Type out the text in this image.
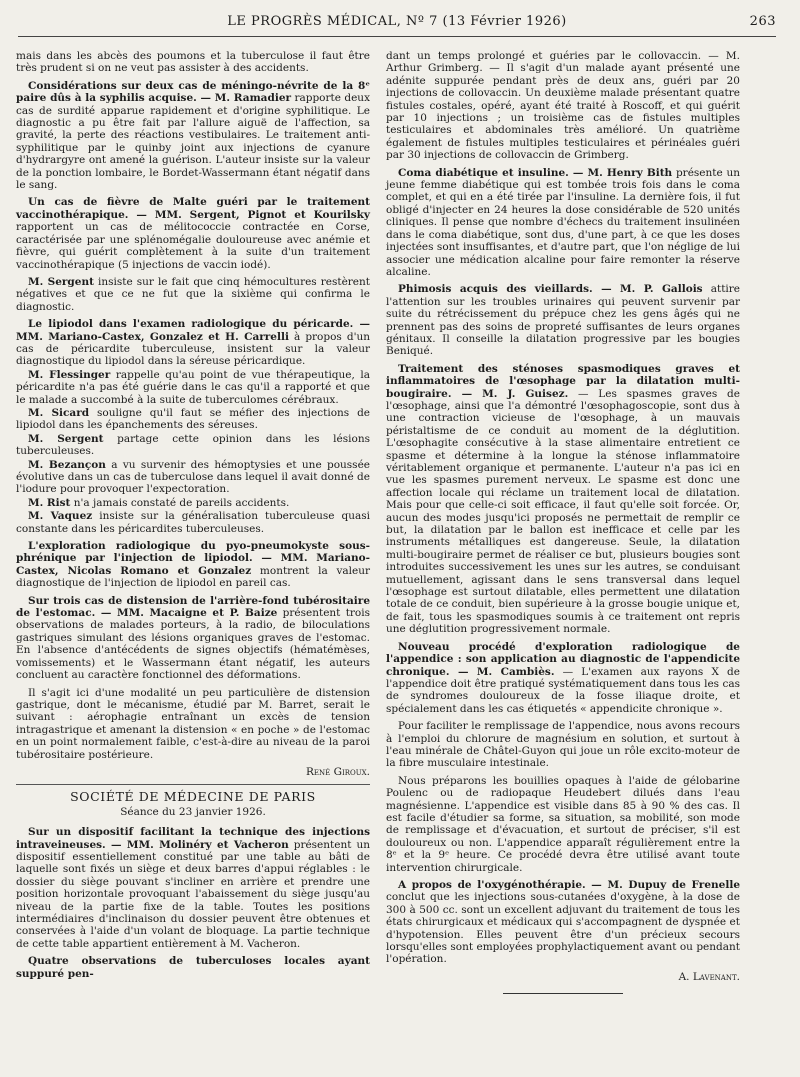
LE PROGRÈS MÉDICAL, Nº 7 (13 Février 1926)	263

mais dans les abcès des poumons et la tuberculose il faut être très prudent si on ne veut pas assister à des accidents.

Considérations sur deux cas de méningo-névrite de la 8ᵉ paire dûs à la syphilis acquise. — M. Ramadier rapporte deux cas de surdité apparue rapidement et d'origine syphilitique. Le diagnostic a pu être fait par l'allure aiguë de l'affection, sa gravité, la perte des réactions vestibulaires. Le traitement anti-syphilitique par le quinby joint aux injections de cyanure d'hydrargyre ont amené la guérison. L'auteur insiste sur la valeur de la ponction lombaire, le Bordet-Wassermann étant négatif dans le sang.

Un cas de fièvre de Malte guéri par le traitement vaccinothérapique. — MM. Sergent, Pignot et Kourilsky rapportent un cas de mélitococcie contractée en Corse, caractérisée par une splénomégalie douloureuse avec anémie et fièvre, qui guérit complètement à la suite d'un traitement vaccinothérapique (5 injections de vaccin iodé).

M. Sergent insiste sur le fait que cinq hémocultures restèrent négatives et que ce ne fut que la sixième qui confirma le diagnostic.

Le lipiodol dans l'examen radiologique du péricarde. — MM. Mariano-Castex, Gonzalez et H. Carrelli à propos d'un cas de péricardite tuberculeuse, insistent sur la valeur diagnostique du lipiodol dans la séreuse péricardique.

M. Flessinger rappelle qu'au point de vue thérapeutique, la péricardite n'a pas été guérie dans le cas qu'il a rapporté et que le malade a succombé à la suite de tuberculomes cérébraux.

M. Sicard souligne qu'il faut se méfier des injections de lipiodol dans les épanchements des séreuses.

M. Sergent partage cette opinion dans les lésions tuberculeuses.

M. Bezançon a vu survenir des hémoptysies et une poussée évolutive dans un cas de tuberculose dans lequel il avait donné de l'iodure pour provoquer l'expectoration.

M. Rist n'a jamais constaté de pareils accidents.

M. Vaquez insiste sur la généralisation tuberculeuse quasi constante dans les péricardites tuberculeuses.

L'exploration radiologique du pyo-pneumokyste sous-phrénique par l'injection de lipiodol. — MM. Mariano-Castex, Nicolas Romano et Gonzalez montrent la valeur diagnostique de l'injection de lipiodol en pareil cas.

Sur trois cas de distension de l'arrière-fond tubérositaire de l'estomac. — MM. Macaigne et P. Baize présentent trois observations de malades porteurs, à la radio, de biloculations gastriques simulant des lésions organiques graves de l'estomac. En l'absence d'antécédents de signes objectifs (hématémèses, vomissements) et le Wassermann étant négatif, les auteurs concluent au caractère fonctionnel des déformations.

Il s'agit ici d'une modalité un peu particulière de distension gastrique, dont le mécanisme, étudié par M. Barret, serait le suivant : aérophagie entraînant un excès de tension intragastrique et amenant la distension « en poche » de l'estomac en un point normalement faible, c'est-à-dire au niveau de la paroi tubérositaire postérieure.

René Giroux.

SOCIÉTÉ DE MÉDECINE DE PARIS
Séance du 23 janvier 1926.

Sur un dispositif facilitant la technique des injections intraveineuses. — MM. Molinéry et Vacheron présentent un dispositif essentiellement constitué par une table au bâti de laquelle sont fixés un siège et deux barres d'appui réglables : le dossier du siège pouvant s'incliner en arrière et prendre une position horizontale provoquant l'abaissement du siège jusqu'au niveau de la partie fixe de la table. Toutes les positions intermédiaires d'inclinaison du dossier peuvent être obtenues et conservées à l'aide d'un volant de bloquage. La partie technique de cette table appartient entièrement à M. Vacheron.

Quatre observations de tuberculoses locales ayant suppuré pen-

dant un temps prolongé et guéries par le collovaccin. — M. Arthur Grimberg. — Il s'agit d'un malade ayant présenté une adénite suppurée pendant près de deux ans, guéri par 20 injections de collovaccin. Un deuxième malade présentant quatre fistules costales, opéré, ayant été traité à Roscoff, et qui guérit par 10 injections ; un troisième cas de fistules multiples testiculaires et abdominales très amélioré. Un quatrième également de fistules multiples testiculaires et périnéales guéri par 30 injections de collovaccin de Grimberg.

Coma diabétique et insuline. — M. Henry Bith présente un jeune femme diabétique qui est tombée trois fois dans le coma complet, et qui en a été tirée par l'insuline. La dernière fois, il fut obligé d'injecter en 24 heures la dose considérable de 520 unités cliniques. Il pense que nombre d'échecs du traitement insulinéen dans le coma diabétique, sont dus, d'une part, à ce que les doses injectées sont insuffisantes, et d'autre part, que l'on néglige de lui associer une médication alcaline pour faire remonter la réserve alcaline.

Phimosis acquis des vieillards. — M. P. Gallois attire l'attention sur les troubles urinaires qui peuvent survenir par suite du rétrécissement du prépuce chez les gens âgés qui ne prennent pas des soins de propreté suffisantes de leurs organes génitaux. Il conseille la dilatation progressive par les bougies Beniqué.

Traitement des sténoses spasmodiques graves et inflammatoires de l'œsophage par la dilatation multi-bougiraire. — M. J. Guisez. — Les spasmes graves de l'œsophage, ainsi que l'a démontré l'œsophagoscopie, sont dus à une contraction vicieuse de l'œsophage, à un mauvais péristaltisme de ce conduit au moment de la déglutition. L'œsophagite consécutive à la stase alimentaire entretient ce spasme et détermine à la longue la sténose inflammatoire véritablement organique et permanente. L'auteur n'a pas ici en vue les spasmes purement nerveux. Le spasme est donc une affection locale qui réclame un traitement local de dilatation. Mais pour que celle-ci soit efficace, il faut qu'elle soit forcée. Or, aucun des modes jusqu'ici proposés ne permettait de remplir ce but, la dilatation par le ballon est inefficace et celle par les instruments métalliques est dangereuse. Seule, la dilatation multi-bougiraire permet de réaliser ce but, plusieurs bougies sont introduites successivement les unes sur les autres, se conduisant mutuellement, agissant dans le sens transversal dans lequel l'œsophage est surtout dilatable, elles permettent une dilatation totale de ce conduit, bien supérieure à la grosse bougie unique et, de fait, tous les spasmodiques soumis à ce traitement ont repris une déglutition progressivement normale.

Nouveau procédé d'exploration radiologique de l'appendice : son application au diagnostic de l'appendicite chronique. — M. Cambiès. — L'examen aux rayons X de l'appendice doit être pratiqué systématiquement dans tous les cas de syndromes douloureux de la fosse iliaque droite, et spécialement dans les cas étiquetés « appendicite chronique ».

Pour faciliter le remplissage de l'appendice, nous avons recours à l'emploi du chlorure de magnésium en solution, et surtout à l'eau minérale de Châtel-Guyon qui joue un rôle excito-moteur de la fibre musculaire intestinale.

Nous préparons les bouillies opaques à l'aide de gélobarine Poulenc ou de radiopaque Heudebert dilués dans l'eau magnésienne. L'appendice est visible dans 85 à 90 % des cas. Il est facile d'étudier sa forme, sa situation, sa mobilité, son mode de remplissage et d'évacuation, et surtout de préciser, s'il est douloureux ou non. L'appendice apparaît régulièrement entre la 8ᵉ et la 9ᵉ heure. Ce procédé devra être utilisé avant toute intervention chirurgicale.

A propos de l'oxygénothérapie. — M. Dupuy de Frenelle conclut que les injections sous-cutanées d'oxygène, à la dose de 300 à 500 cc. sont un excellent adjuvant du traitement de tous les états chirurgicaux et médicaux qui s'accompagnent de dyspnée et d'hypotension. Elles peuvent être d'un précieux secours lorsqu'elles sont employées prophylactiquement avant ou pendant l'opération.

A. Lavenant.
